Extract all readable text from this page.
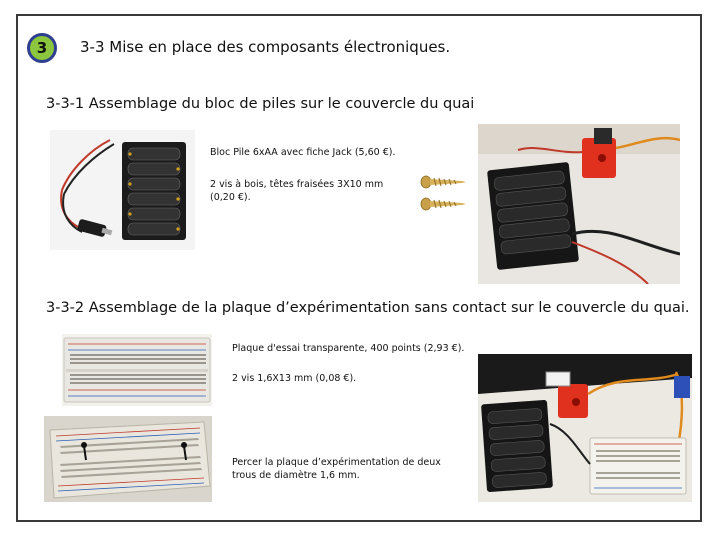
3 3-3 Mise en place des composants électroniques.
3-3-1 Assemblage du bloc de piles sur le couvercle du quai
Bloc Pile 6xAA avec fiche Jack (5,60 €).
2 vis à bois, têtes fraisées 3X10 mm
(0,20 €).
3-3-2 Assemblage de la plaque d’expérimentation sans contact sur le couvercle du quai.
Plaque d'essai transparente, 400 points (2,93 €).
2 vis 1,6X13 mm (0,08 €).
Percer la plaque d’expérimentation de deux
trous de diamètre 1,6 mm.
